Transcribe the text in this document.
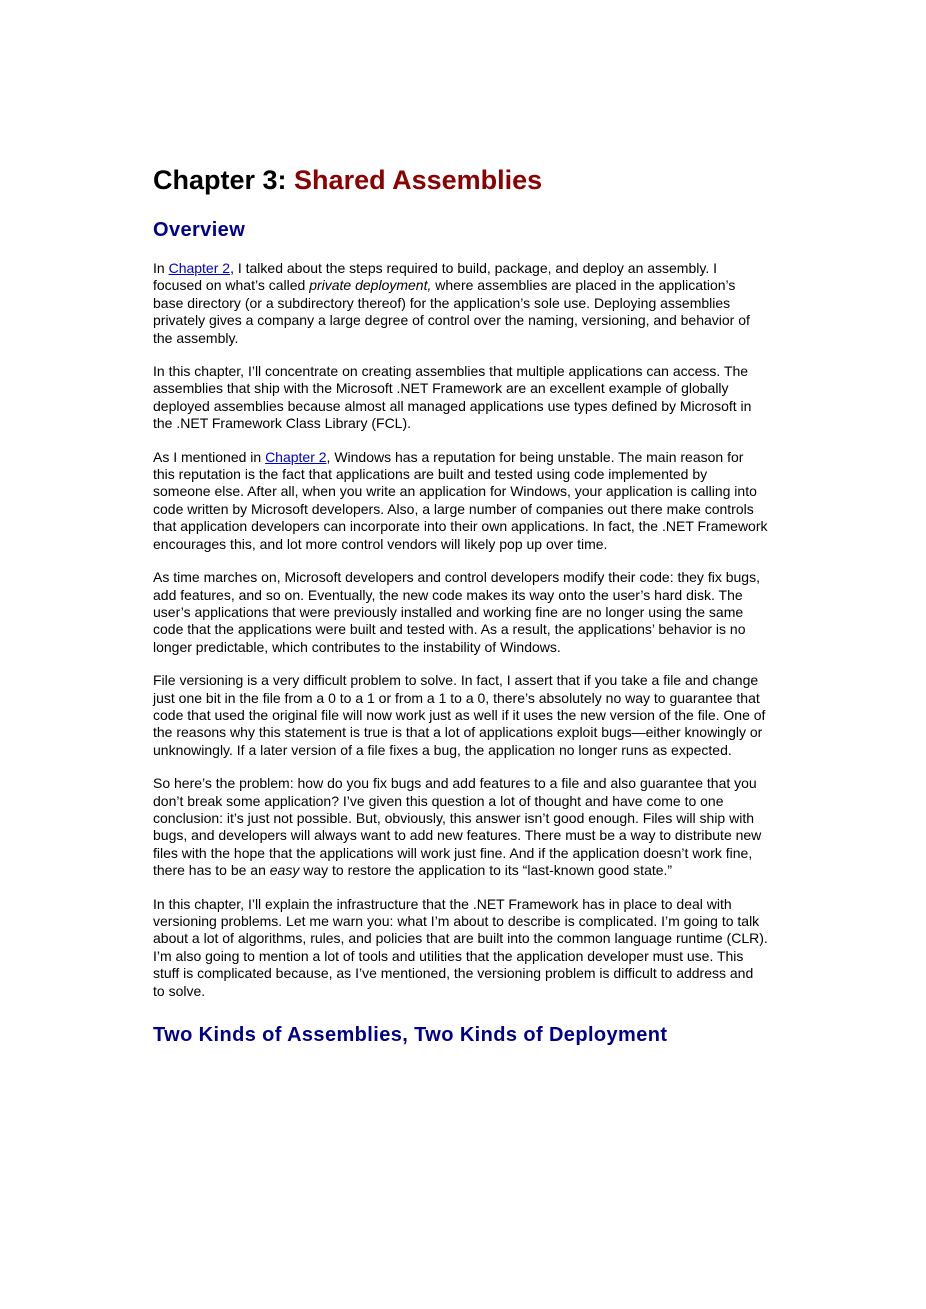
Chapter 3: Shared Assemblies
Overview

In Chapter 2, I talked about the steps required to build, package, and deploy an assembly. I focused on what’s called private deployment, where assemblies are placed in the application’s base directory (or a subdirectory thereof) for the application’s sole use. Deploying assemblies privately gives a company a large degree of control over the naming, versioning, and behavior of the assembly.

In this chapter, I’ll concentrate on creating assemblies that multiple applications can access. The assemblies that ship with the Microsoft .NET Framework are an excellent example of globally deployed assemblies because almost all managed applications use types defined by Microsoft in the .NET Framework Class Library (FCL).

As I mentioned in Chapter 2, Windows has a reputation for being unstable. The main reason for this reputation is the fact that applications are built and tested using code implemented by someone else. After all, when you write an application for Windows, your application is calling into code written by Microsoft developers. Also, a large number of companies out there make controls that application developers can incorporate into their own applications. In fact, the .NET Framework encourages this, and lot more control vendors will likely pop up over time.

As time marches on, Microsoft developers and control developers modify their code: they fix bugs, add features, and so on. Eventually, the new code makes its way onto the user’s hard disk. The user’s applications that were previously installed and working fine are no longer using the same code that the applications were built and tested with. As a result, the applications’ behavior is no longer predictable, which contributes to the instability of Windows.

File versioning is a very difficult problem to solve. In fact, I assert that if you take a file and change just one bit in the file from a 0 to a 1 or from a 1 to a 0, there’s absolutely no way to guarantee that code that used the original file will now work just as well if it uses the new version of the file. One of the reasons why this statement is true is that a lot of applications exploit bugs—either knowingly or unknowingly. If a later version of a file fixes a bug, the application no longer runs as expected.

So here’s the problem: how do you fix bugs and add features to a file and also guarantee that you don’t break some application? I’ve given this question a lot of thought and have come to one conclusion: it’s just not possible. But, obviously, this answer isn’t good enough. Files will ship with bugs, and developers will always want to add new features. There must be a way to distribute new files with the hope that the applications will work just fine. And if the application doesn’t work fine, there has to be an easy way to restore the application to its “last-known good state.”

In this chapter, I’ll explain the infrastructure that the .NET Framework has in place to deal with versioning problems. Let me warn you: what I’m about to describe is complicated. I’m going to talk about a lot of algorithms, rules, and policies that are built into the common language runtime (CLR). I’m also going to mention a lot of tools and utilities that the application developer must use. This stuff is complicated because, as I’ve mentioned, the versioning problem is difficult to address and to solve.

Two Kinds of Assemblies, Two Kinds of Deployment
